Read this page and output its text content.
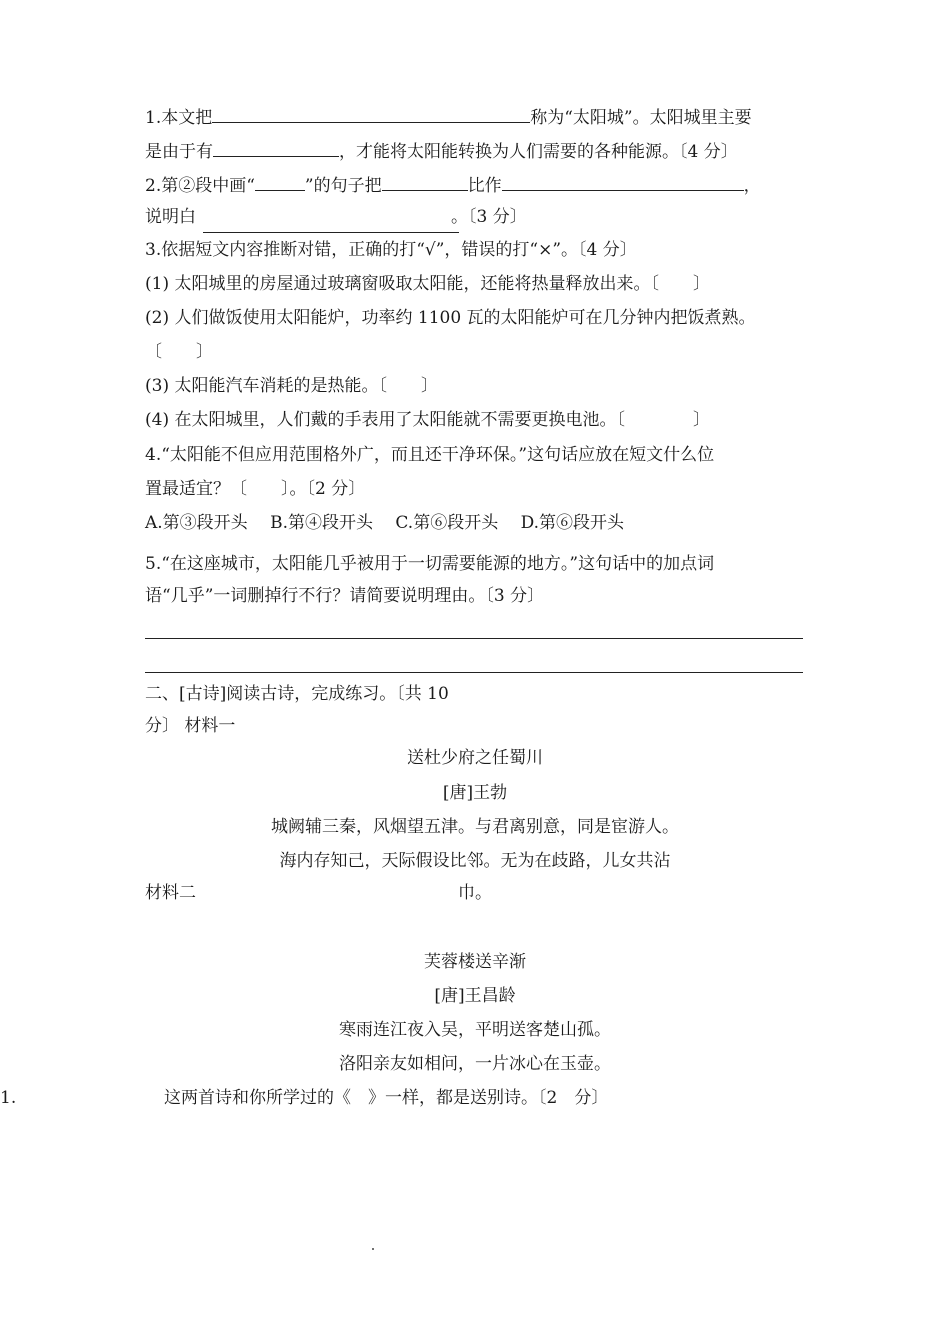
1.本文把	称为“太阳城”。太阳城里主要
是由于有	，才能将太阳能转换为人们需要的各种能源。〔4 分〕
2.第②段中画“	”的句子把	比作	，
说明白	。〔3 分〕
3.依据短文内容推断对错，正确的打“√”，错误的打“×”。〔4 分〕
(1) 太阳城里的房屋通过玻璃窗吸取太阳能，还能将热量释放出来。〔　　〕
(2) 人们做饭使用太阳能炉，功率约 1100 瓦的太阳能炉可在几分钟内把饭煮熟。
〔　　〕
(3) 太阳能汽车消耗的是热能。〔　　〕
(4) 在太阳城里，人们戴的手表用了太阳能就不需要更换电池。〔　　　　〕
4.“太阳能不但应用范围格外广，而且还干净环保。”这句话应放在短文什么位
置最适宜？〔　　〕。〔2 分〕
A.第③段开头　 B.第④段开头　 C.第⑥段开头　 D.第⑥段开头
5.“在这座城市，太阳能几乎被用于一切需要能源的地方。”这句话中的加点词
语“几乎”一词删掉行不行？请简要说明理由。〔3 分〕
二、[古诗]阅读古诗，完成练习。〔共 10
分〕 材料一
送杜少府之任蜀川
[唐]王勃
城阙辅三秦，风烟望五津。与君离别意，同是宦游人。
海内存知己，天际假设比邻。无为在歧路，儿女共沾
材料二	巾。
芙蓉楼送辛渐
[唐]王昌龄
寒雨连江夜入吴，平明送客楚山孤。
洛阳亲友如相问，一片冰心在玉壶。
1.	这两首诗和你所学过的《　》一样，都是送别诗。〔2　分〕
